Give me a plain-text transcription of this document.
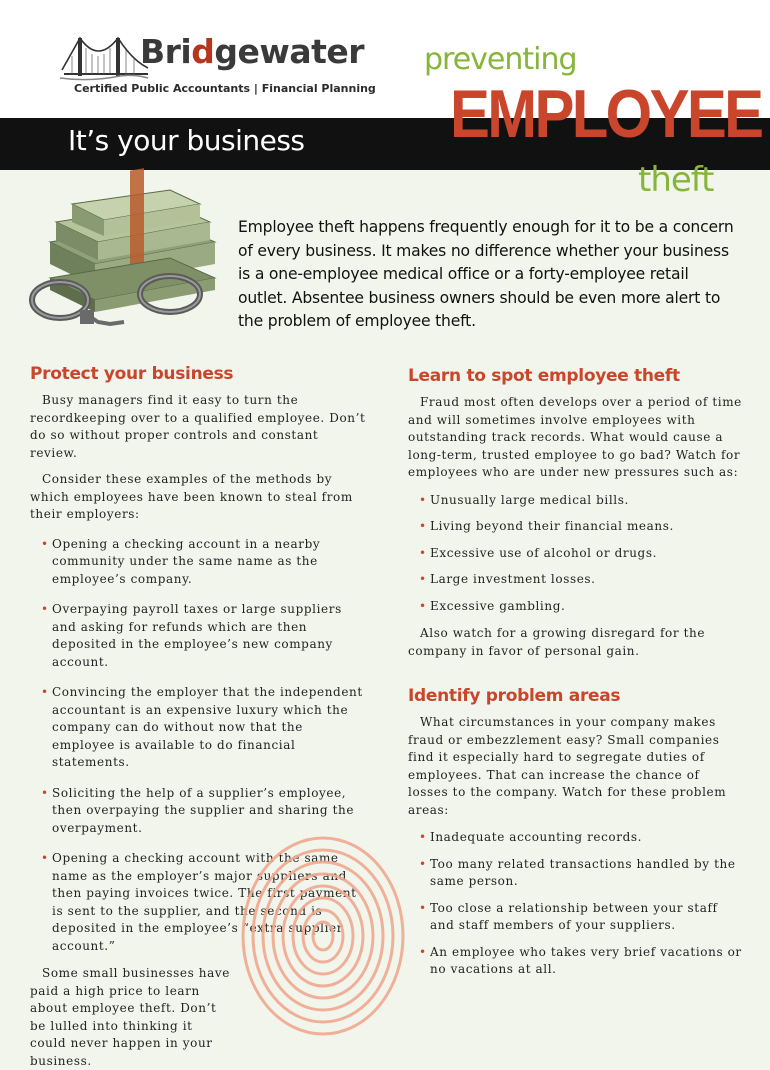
Bridgewater
Certified Public Accountants | Financial Planning
It’s your business
preventing
EMPLOYEE
theft
Employee theft happens frequently enough for it to be a concern of every business. It makes no difference whether your business is a one-employee medical office or a forty-employee retail outlet. Absentee business owners should be even more alert to the problem of employee theft.
Protect your business

Busy managers find it easy to turn the recordkeeping over to a qualified employee. Don’t do so without proper controls and constant review.

Consider these examples of the methods by which employees have been known to steal from their employers:

• Opening a checking account in a nearby community under the same name as the employee’s company.
• Overpaying payroll taxes or large suppliers and asking for refunds which are then deposited in the employee’s new company account.
• Convincing the employer that the independent accountant is an expensive luxury which the company can do without now that the employee is available to do financial statements.
• Soliciting the help of a supplier’s employee, then overpaying the supplier and sharing the overpayment.
• Opening a checking account with the same name as the employer’s major suppliers and then paying invoices twice. The first payment is sent to the supplier, and the second is deposited in the employee’s “extra supplier account.”

Some small businesses have paid a high price to learn about employee theft. Don’t be lulled into thinking it could never happen in your business.

Learn to spot employee theft

Fraud most often develops over a period of time and will sometimes involve employees with outstanding track records. What would cause a long-term, trusted employee to go bad? Watch for employees who are under new pressures such as:

• Unusually large medical bills.
• Living beyond their financial means.
• Excessive use of alcohol or drugs.
• Large investment losses.
• Excessive gambling.

Also watch for a growing disregard for the company in favor of personal gain.

Identify problem areas

What circumstances in your company makes fraud or embezzlement easy? Small companies find it especially hard to segregate duties of employees. That can increase the chance of losses to the company. Watch for these problem areas:

• Inadequate accounting records.
• Too many related transactions handled by the same person.
• Too close a relationship between your staff and staff members of your suppliers.
• An employee who takes very brief vacations or no vacations at all.
